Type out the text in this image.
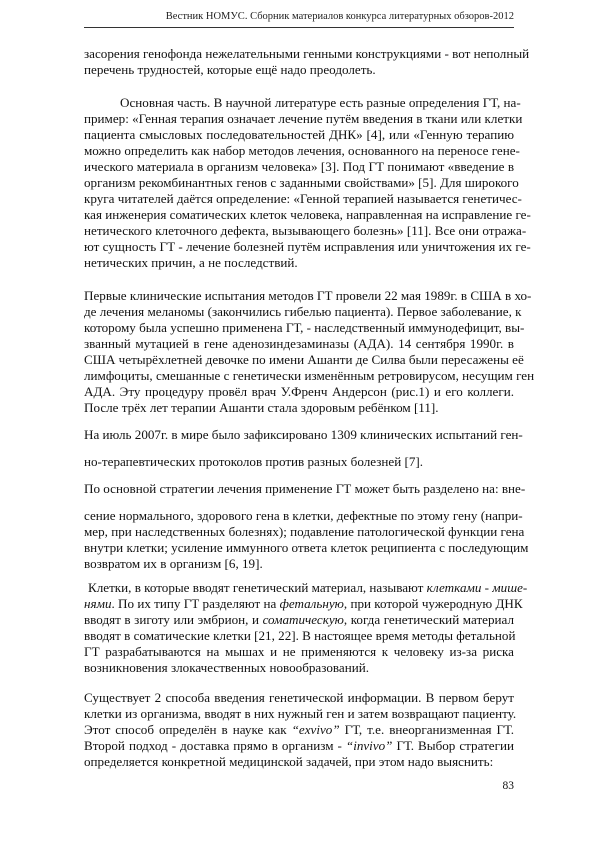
Вестник НОМУС. Сборник материалов конкурса литературных обзоров-2012
засорения генофонда нежелательными генными конструкциями - вот неполный
перечень трудностей, которые ещё надо преодолеть.
Основная часть. В научной литературе есть разные определения ГТ, на-
пример: «Генная терапия означает лечение путём введения в ткани или клетки
пациента смысловых последовательностей ДНК» [4], или «Генную терапию
можно определить как набор методов лечения, основанного на переносе гене-
ического материала в организм человека» [3]. Под ГТ понимают «введение в
организм рекомбинантных генов с заданными свойствами» [5]. Для широкого
круга читателей даётся определение: «Генной терапией называется генетичес-
кая инженерия соматических клеток человека, направленная на исправление ге-
нетического клеточного дефекта, вызывающего болезнь» [11]. Все они отража-
ют сущность ГТ - лечение болезней путём исправления или уничтожения их ге-
нетических причин, а не последствий.
Первые клинические испытания методов ГТ провели 22 мая 1989г. в США в хо-
де лечения меланомы (закончились гибелью пациента). Первое заболевание, к
которому была успешно применена ГТ, - наследственный иммунодефицит, вы-
званный мутацией в гене аденозиндезаминазы (АДА). 14 сентября 1990г. в
США четырёхлетней девочке по имени Ашанти де Силва были пересажены её
лимфоциты, смешанные с генетически изменённым ретровирусом, несущим ген
АДА. Эту процедуру провёл врач У.Френч Андерсон (рис.1) и его коллеги.
После трёх лет терапии Ашанти стала здоровым ребёнком [11].
На июль 2007г. в мире было зафиксировано 1309 клинических испытаний ген-
но-терапевтических протоколов против разных болезней [7].
По основной стратегии лечения применение ГТ может быть разделено на: вне-
сение нормального, здорового гена в клетки, дефектные по этому гену (напри-
мер, при наследственных болезнях); подавление патологической функции гена
внутри клетки; усиление иммунного ответа клеток реципиента с последующим
возвратом их в организм [6, 19].
Клетки, в которые вводят генетический материал, называют клетками - мише-
нями. По их типу ГТ разделяют на фетальную, при которой чужеродную ДНК
вводят в зиготу или эмбрион, и соматическую, когда генетический материал
вводят в соматические клетки [21, 22]. В настоящее время методы фетальной
ГТ разрабатываются на мышах и не применяются к человеку из-за риска
возникновения злокачественных новообразований.
Существует 2 способа введения генетической информации. В первом берут
клетки из организма, вводят в них нужный ген и затем возвращают пациенту.
Этот способ определён в науке как “exvivo” ГТ, т.е. внеорганизменная ГТ.
Второй подход - доставка прямо в организм - “invivo” ГТ. Выбор стратегии
определяется конкретной медицинской задачей, при этом надо выяснить:
83
